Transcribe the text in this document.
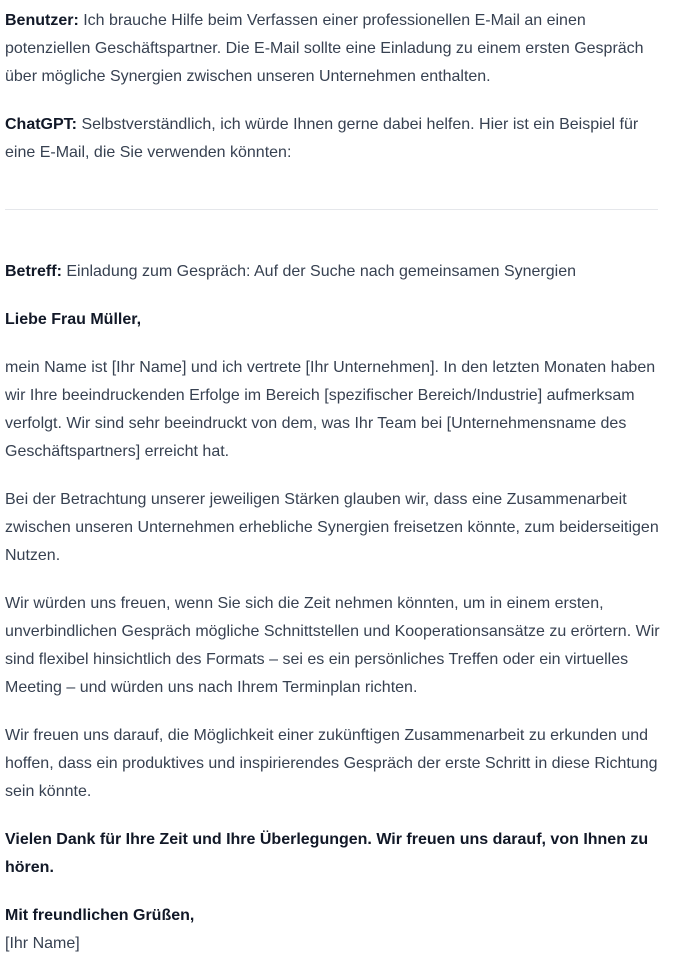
Benutzer: Ich brauche Hilfe beim Verfassen einer professionellen E-Mail an einen potenziellen Geschäftspartner. Die E-Mail sollte eine Einladung zu einem ersten Gespräch über mögliche Synergien zwischen unseren Unternehmen enthalten.

ChatGPT: Selbstverständlich, ich würde Ihnen gerne dabei helfen. Hier ist ein Beispiel für eine E-Mail, die Sie verwenden könnten:

Betreff: Einladung zum Gespräch: Auf der Suche nach gemeinsamen Synergien

Liebe Frau Müller,

mein Name ist [Ihr Name] und ich vertrete [Ihr Unternehmen]. In den letzten Monaten haben wir Ihre beeindruckenden Erfolge im Bereich [spezifischer Bereich/Industrie] aufmerksam verfolgt. Wir sind sehr beeindruckt von dem, was Ihr Team bei [Unternehmensname des Geschäftspartners] erreicht hat.

Bei der Betrachtung unserer jeweiligen Stärken glauben wir, dass eine Zusammenarbeit zwischen unseren Unternehmen erhebliche Synergien freisetzen könnte, zum beiderseitigen Nutzen.

Wir würden uns freuen, wenn Sie sich die Zeit nehmen könnten, um in einem ersten, unverbindlichen Gespräch mögliche Schnittstellen und Kooperationsansätze zu erörtern. Wir sind flexibel hinsichtlich des Formats – sei es ein persönliches Treffen oder ein virtuelles Meeting – und würden uns nach Ihrem Terminplan richten.

Wir freuen uns darauf, die Möglichkeit einer zukünftigen Zusammenarbeit zu erkunden und hoffen, dass ein produktives und inspirierendes Gespräch der erste Schritt in diese Richtung sein könnte.

Vielen Dank für Ihre Zeit und Ihre Überlegungen. Wir freuen uns darauf, von Ihnen zu hören.

Mit freundlichen Grüßen,
[Ihr Name]
